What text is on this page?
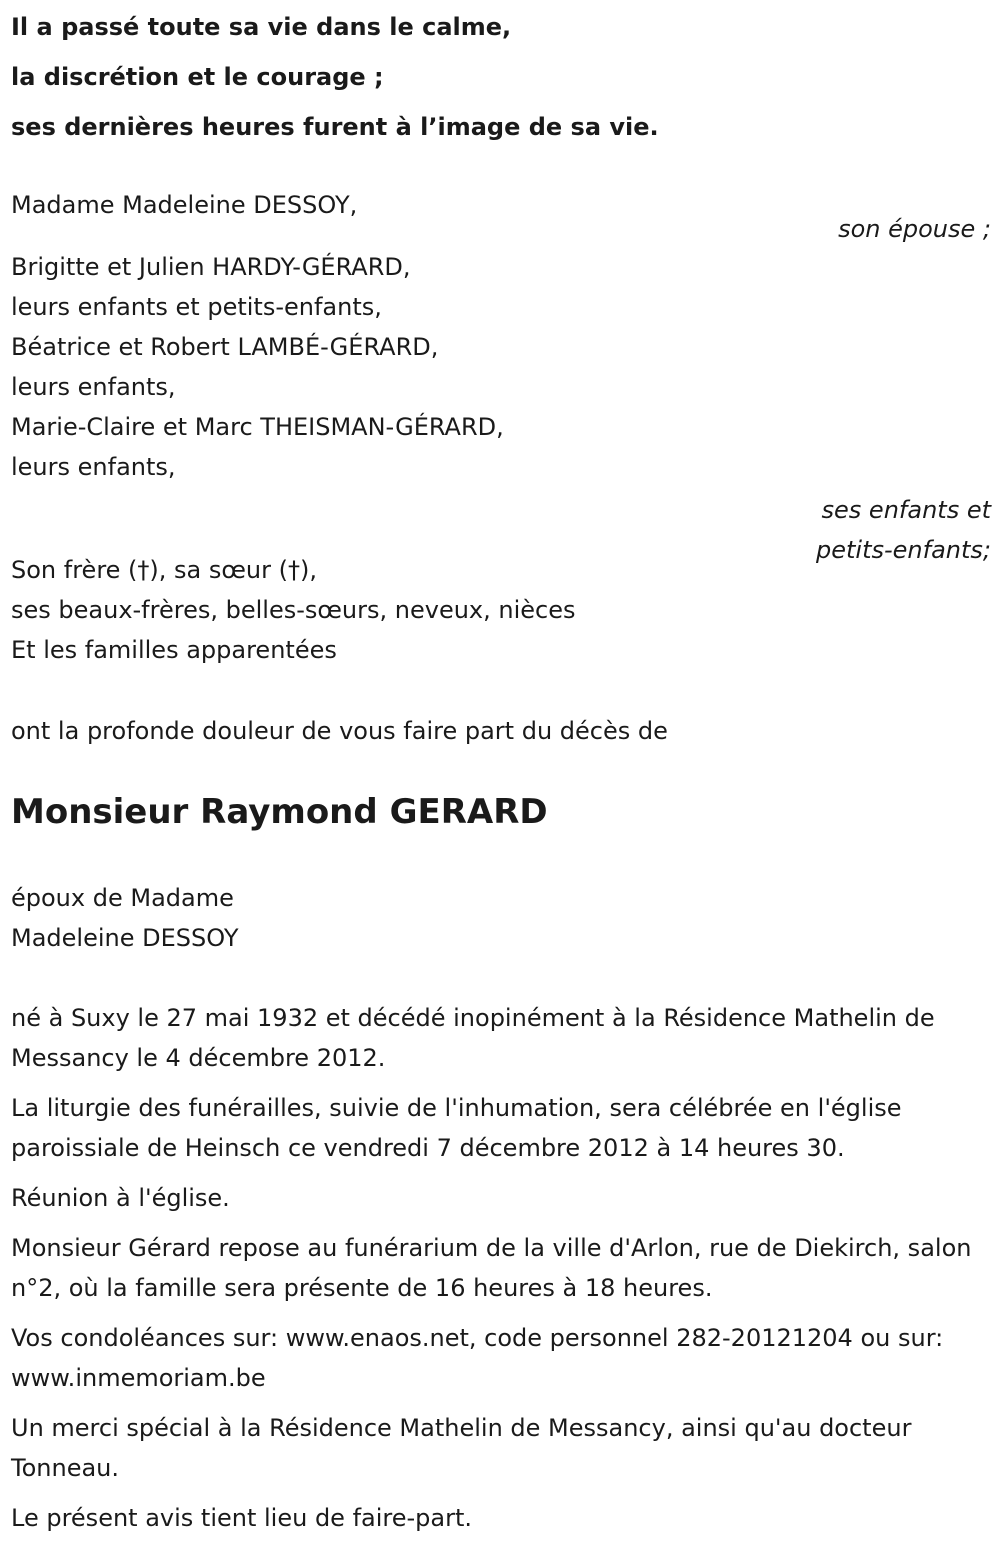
Il a passé toute sa vie dans le calme,
la discrétion et le courage ;
ses dernières heures furent à l’image de sa vie.
Madame Madeleine DESSOY,
son épouse ;
Brigitte et Julien HARDY-GÉRARD,
leurs enfants et petits-enfants,
Béatrice et Robert LAMBÉ-GÉRARD,
leurs enfants,
Marie-Claire et Marc THEISMAN-GÉRARD,
leurs enfants,
ses enfants et
petits-enfants;
Son frère (†), sa sœur (†),
ses beaux-frères, belles-sœurs, neveux, nièces
Et les familles apparentées
ont la profonde douleur de vous faire part du décès de
Monsieur Raymond GERARD
époux de Madame
Madeleine DESSOY
né à Suxy le 27 mai 1932 et décédé inopinément à la Résidence Mathelin de Messancy le 4 décembre 2012.
La liturgie des funérailles, suivie de l'inhumation, sera célébrée en l'église paroissiale de Heinsch ce vendredi 7 décembre 2012 à 14 heures 30.
Réunion à l'église.
Monsieur Gérard repose au funérarium de la ville d'Arlon, rue de Diekirch, salon n°2, où la famille sera présente de 16 heures à 18 heures.
Vos condoléances sur: www.enaos.net, code personnel 282-20121204 ou sur: www.inmemoriam.be
Un merci spécial à la Résidence Mathelin de Messancy, ainsi qu'au docteur Tonneau.
Le présent avis tient lieu de faire-part.
